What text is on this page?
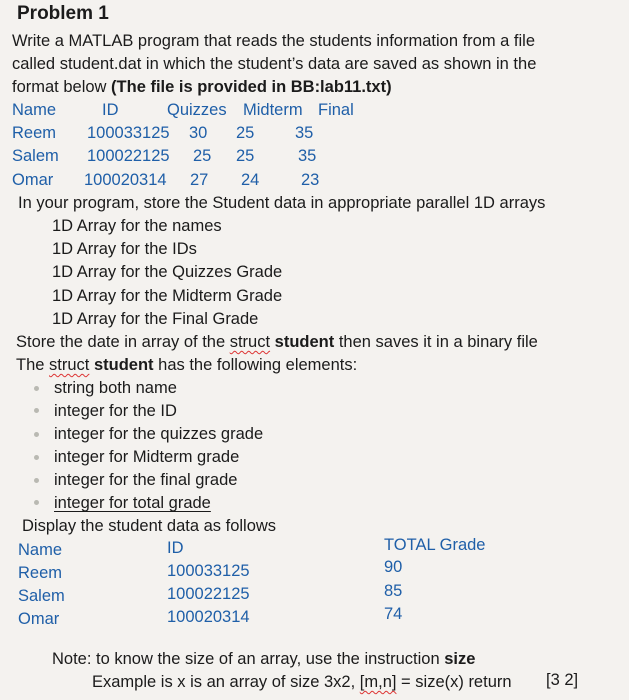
Problem 1
Write a MATLAB program that reads the students information from a file
called student.dat in which the student’s data are saved as shown in the
format below (The file is provided in BB:lab11.txt)
Name	ID	Quizzes Midterm Final
Reem 100033125 30 25 35
Salem 100022125 25 25	35
Omar 100020314 27 24	23
In your program, store the Student data in appropriate parallel 1D arrays
1D Array for the names
1D Array for the IDs
1D Array for the Quizzes Grade
1D Array for the Midterm Grade
1D Array for the Final Grade
Store the date in array of the struct student then saves it in a binary file
The struct student has the following elements:
string both name
integer for the ID
integer for the quizzes grade
integer for Midterm grade
integer for the final grade
integer for total grade
Display the student data as follows
Name	ID	TOTAL Grade
Reem	100033125	90
Salem	100022125	85
Omar	100020314	74
Note: to know the size of an array, use the instruction size
Example is x is an array of size 3x2, [m,n] = size(x) return [3 2]
